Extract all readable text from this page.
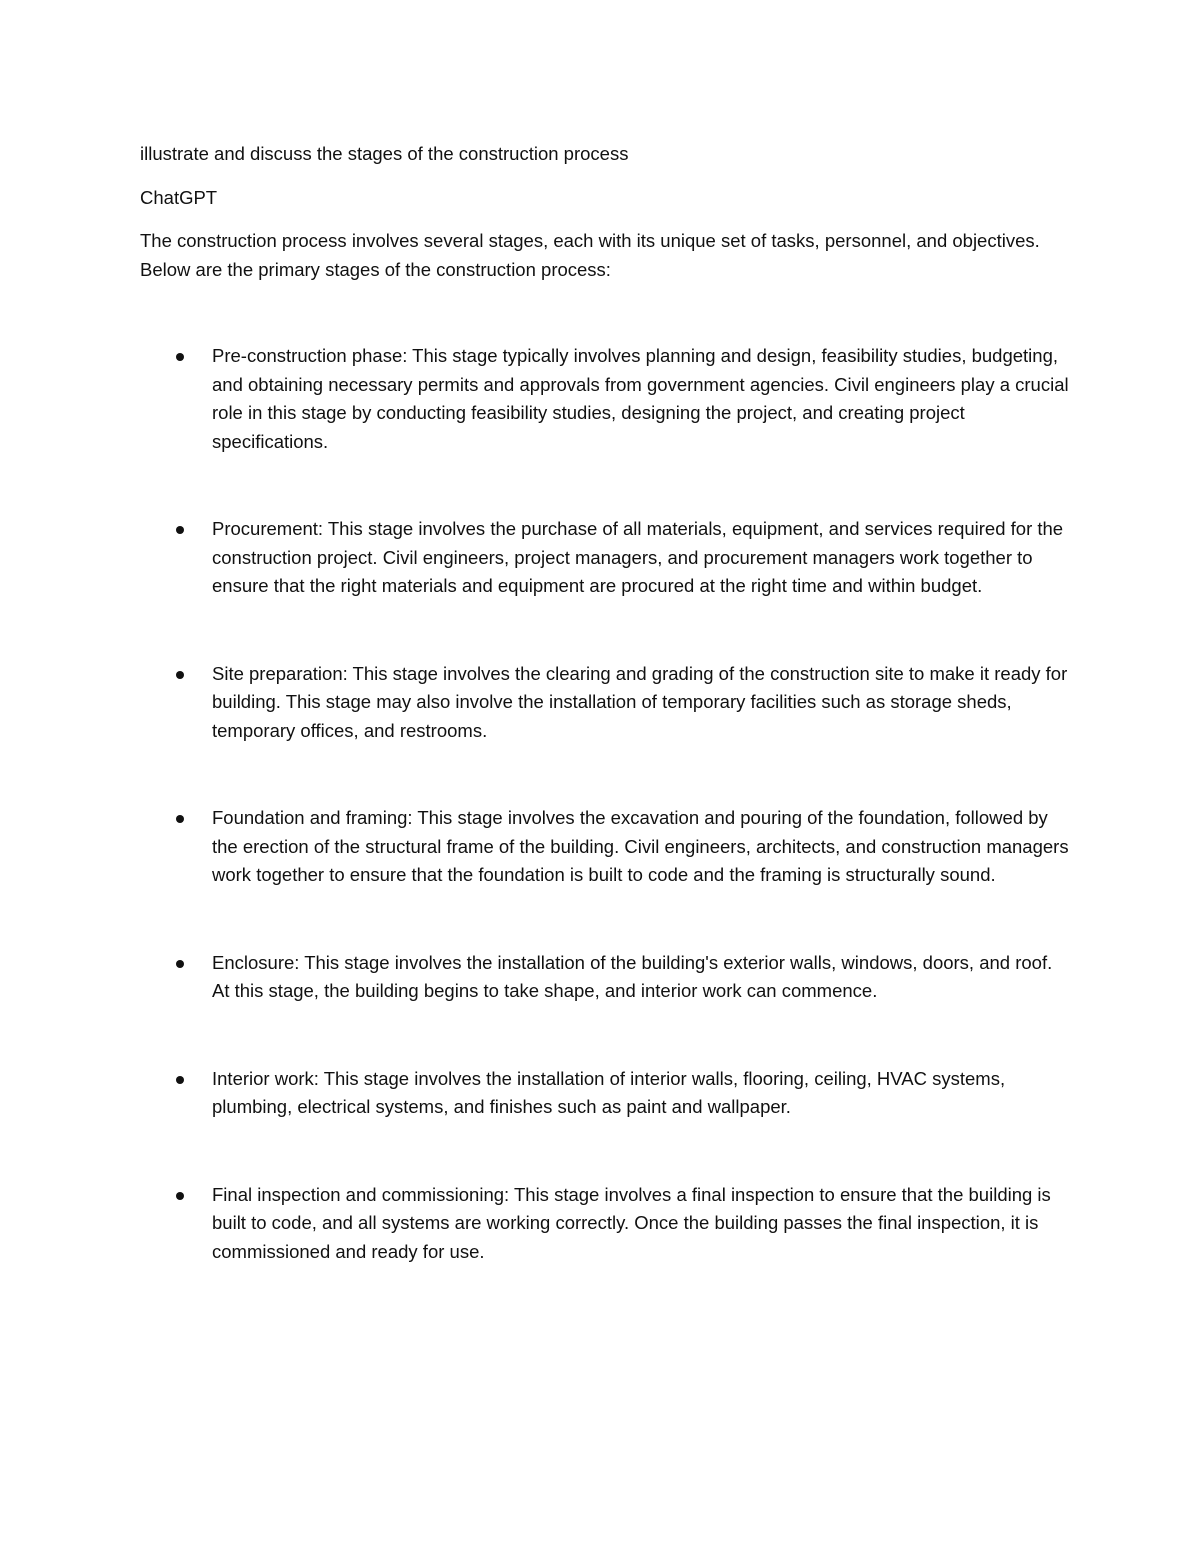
illustrate and discuss the stages of the construction process

ChatGPT

The construction process involves several stages, each with its unique set of tasks, personnel, and objectives. Below are the primary stages of the construction process:

Pre-construction phase: This stage typically involves planning and design, feasibility studies, budgeting, and obtaining necessary permits and approvals from government agencies. Civil engineers play a crucial role in this stage by conducting feasibility studies, designing the project, and creating project specifications.
Procurement: This stage involves the purchase of all materials, equipment, and services required for the construction project. Civil engineers, project managers, and procurement managers work together to ensure that the right materials and equipment are procured at the right time and within budget.
Site preparation: This stage involves the clearing and grading of the construction site to make it ready for building. This stage may also involve the installation of temporary facilities such as storage sheds, temporary offices, and restrooms.
Foundation and framing: This stage involves the excavation and pouring of the foundation, followed by the erection of the structural frame of the building. Civil engineers, architects, and construction managers work together to ensure that the foundation is built to code and the framing is structurally sound.
Enclosure: This stage involves the installation of the building's exterior walls, windows, doors, and roof. At this stage, the building begins to take shape, and interior work can commence.
Interior work: This stage involves the installation of interior walls, flooring, ceiling, HVAC systems, plumbing, electrical systems, and finishes such as paint and wallpaper.
Final inspection and commissioning: This stage involves a final inspection to ensure that the building is built to code, and all systems are working correctly. Once the building passes the final inspection, it is commissioned and ready for use.
